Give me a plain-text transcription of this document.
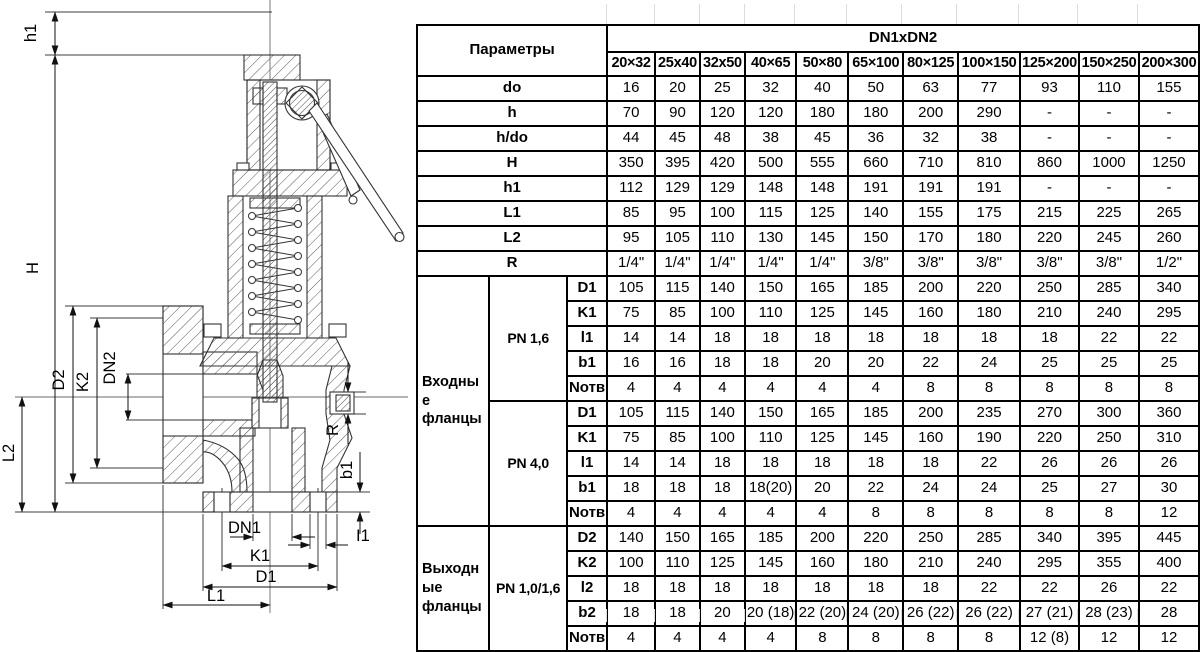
h1
H
D2 K2 DN2
L2
R
b1
DN1	I1
K1
D1
L1
Параметры			DN1xDN2										
			20×32	25x40	32x50	40×65	50×80	65×100	80×125	100×150	125×200	150×250	200×300
do			16	20	25	32	40	50	63	77	93	110	155
h			70	90	120	120	180	180	200	290	-	-	-
h/do			44	45	48	38	45	36	32	38	-	-	-
H			350	395	420	500	555	660	710	810	860	1000	1250
h1			112	129	129	148	148	191	191	191	-	-	-
L1			85	95	100	115	125	140	155	175	215	225	265
L2			95	105	110	130	145	150	170	180	220	245	260
R			1/4"	1/4"	1/4"	1/4"	1/4"	3/8"	3/8"	3/8"	3/8"	3/8"	1/2"
Входные фланцы	PN 1,6	D1	105	115	140	150	165	185	200	220	250	285	340
		K1	75	85	100	110	125	145	160	180	210	240	295
		l1	14	14	18	18	18	18	18	18	18	22	22
		b1	16	16	18	18	20	20	22	24	25	25	25
		Nотв	4	4	4	4	4	4	8	8	8	8	8
	PN 4,0	D1	105	115	140	150	165	185	200	235	270	300	360
		K1	75	85	100	110	125	145	160	190	220	250	310
		l1	14	14	18	18	18	18	18	22	26	26	26
		b1	18	18	18	18(20)	20	22	24	24	25	27	30
		Nотв	4	4	4	4	4	8	8	8	8	8	12
Выходные фланцы	PN 1,0/1,6	D2	140	150	165	185	200	220	250	285	340	395	445
		K2	100	110	125	145	160	180	210	240	295	355	400
		l2	18	18	18	18	18	18	18	22	22	26	22
		b2	18	18	20	20 (18)	22 (20)	24 (20)	26 (22)	26 (22)	27 (21)	28 (23)	28
		Nотв	4	4	4	4	8	8	8	8	12 (8)	12	12
